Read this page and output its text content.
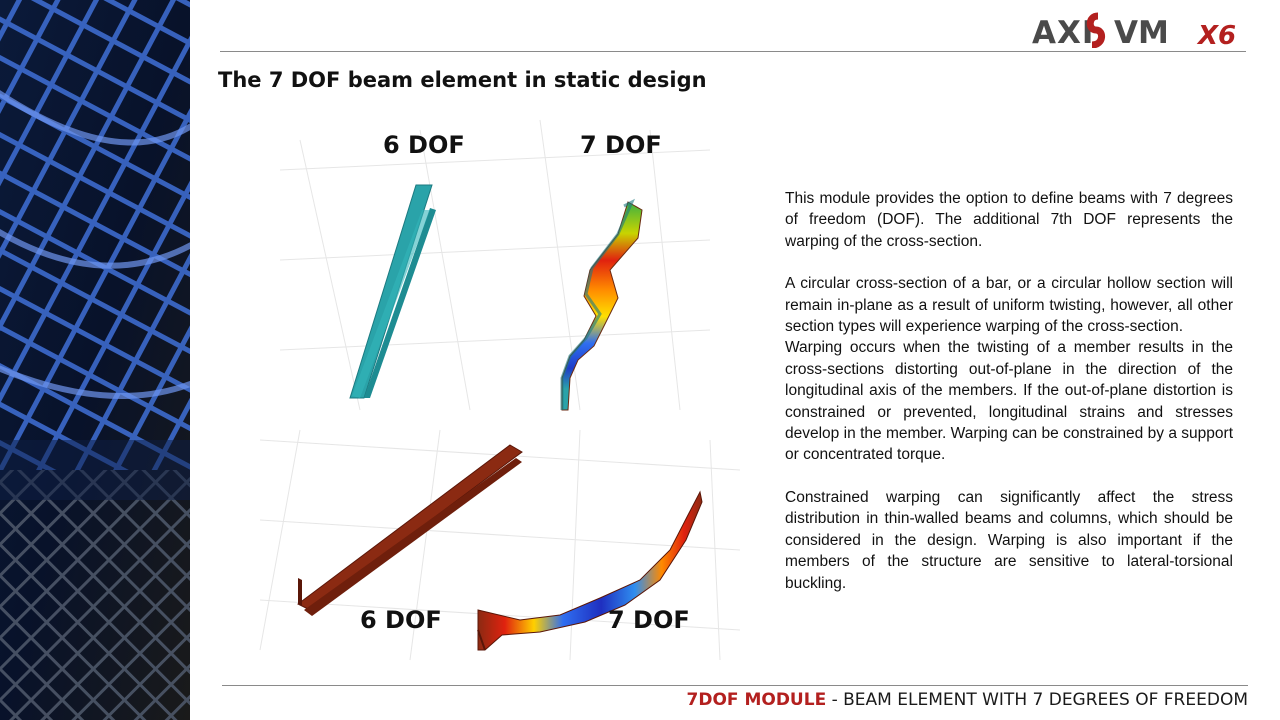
AXI VM X6
The 7 DOF beam element in static design
6 DOF	7 DOF
6 DOF	7 DOF

This module provides the option to define beams with 7 degrees of freedom (DOF). The additional 7th DOF represents the warping of the cross-section.

A circular cross-section of a bar, or a circular hollow section will remain in-plane as a result of uniform twisting, however, all other section types will experience warping of the cross-section.

Warping occurs when the twisting of a member results in the cross-sections distorting out-of-plane in the direction of the longitudinal axis of the members. If the out-of-plane distortion is constrained or prevented, longitudinal strains and stresses develop in the member. Warping can be constrained by a support or concentrated torque.

Constrained warping can significantly affect the stress distribution in thin-walled beams and columns, which should be considered in the design. Warping is also important if the members of the structure are sensitive to lateral-torsional buckling.

7DOF MODULE - BEAM ELEMENT WITH 7 DEGREES OF FREEDOM
